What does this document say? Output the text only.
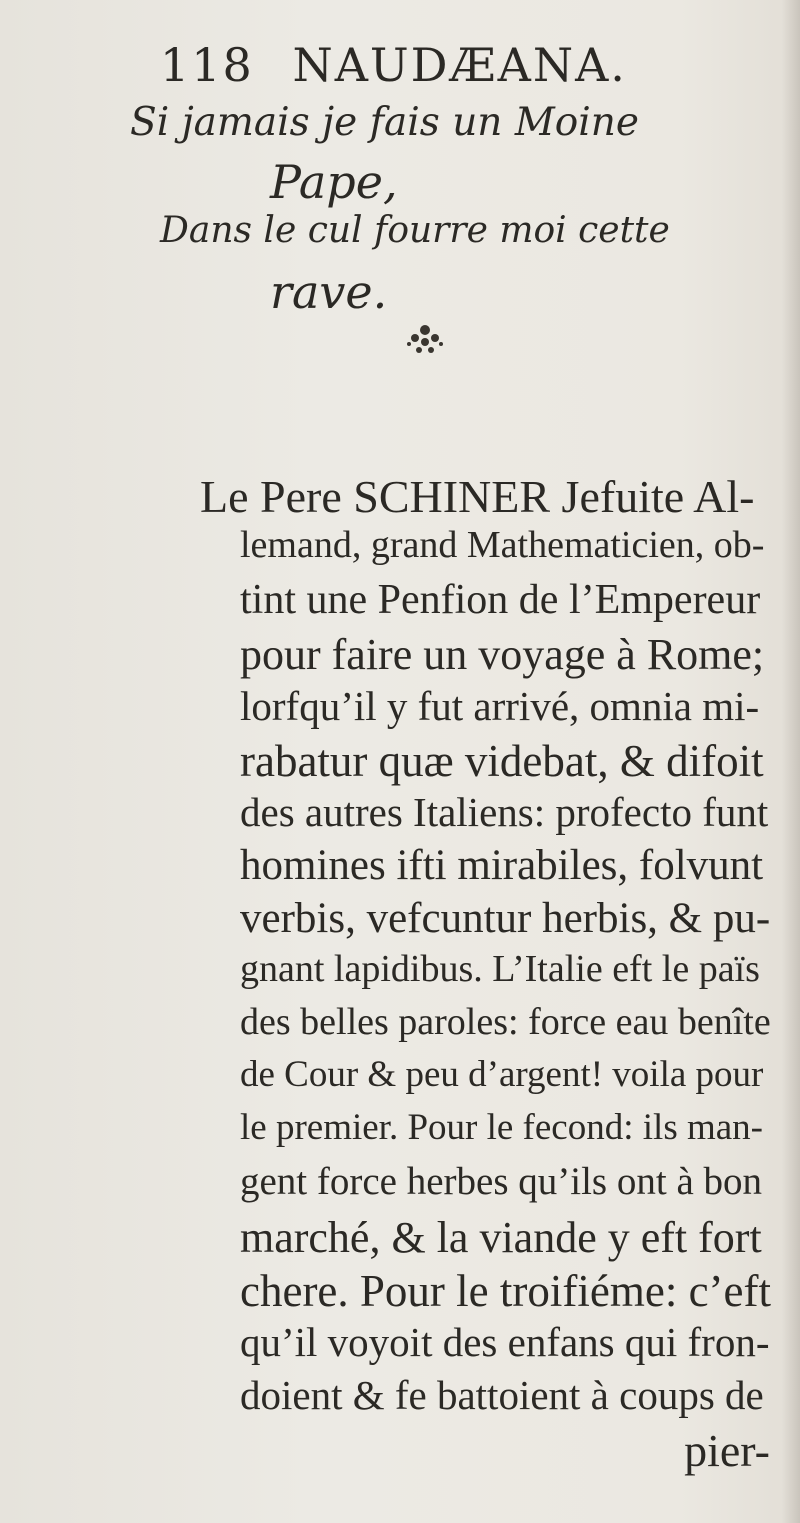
118 NAUDÆANA.
Si jamais je fais un Moine
Pape,
Dans le cul fourre moi cette
rave.
Le Pere SCHINER Jefuite Al-
lemand, grand Mathematicien, ob-
tint une Penfion de l’Empereur
pour faire un voyage à Rome;
lorfqu’il y fut arrivé, omnia mi-
rabatur quæ videbat, & difoit
des autres Italiens: profecto funt
homines ifti mirabiles, folvunt
verbis, vefcuntur herbis, & pu-
gnant lapidibus. L’Italie eft le païs
des belles paroles: force eau benîte
de Cour & peu d’argent! voila pour
le premier. Pour le fecond: ils man-
gent force herbes qu’ils ont à bon
marché, & la viande y eft fort
chere. Pour le troifiéme: c’eft
qu’il voyoit des enfans qui fron-
doient & fe battoient à coups de
pier-
